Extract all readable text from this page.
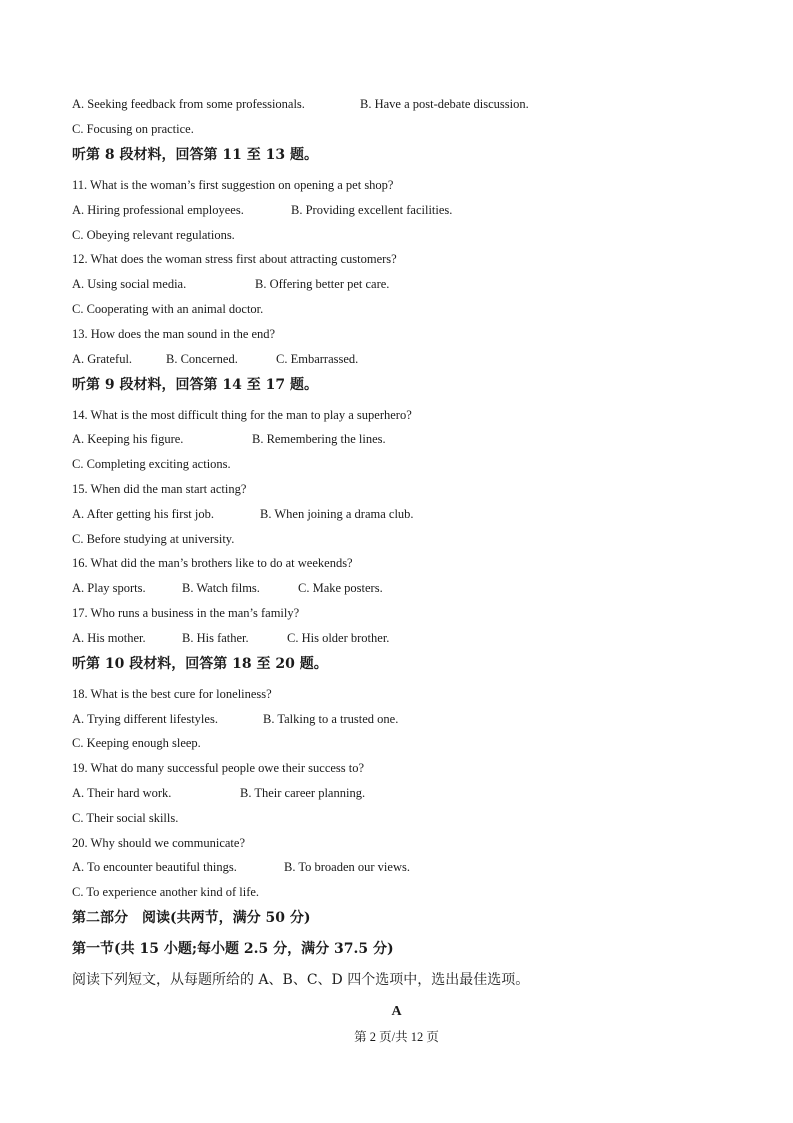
A. Seeking feedback from some professionals.	B. Have a post-debate discussion.
C. Focusing on practice.
听第 8 段材料，回答第 11 至 13 题。
11. What is the woman’s first suggestion on opening a pet shop?
A. Hiring professional employees.	B. Providing excellent facilities.
C. Obeying relevant regulations.
12. What does the woman stress first about attracting customers?
A. Using social media.	B. Offering better pet care.
C. Cooperating with an animal doctor.
13. How does the man sound in the end?
A. Grateful.	B. Concerned.	C. Embarrassed.
听第 9 段材料，回答第 14 至 17 题。
14. What is the most difficult thing for the man to play a superhero?
A. Keeping his figure.	B. Remembering the lines.
C. Completing exciting actions.
15. When did the man start acting?
A. After getting his first job.	B. When joining a drama club.
C. Before studying at university.
16. What did the man’s brothers like to do at weekends?
A. Play sports.	B. Watch films.	C. Make posters.
17. Who runs a business in the man’s family?
A. His mother.	B. His father.	C. His older brother.
听第 10 段材料，回答第 18 至 20 题。
18. What is the best cure for loneliness?
A. Trying different lifestyles.	B. Talking to a trusted one.
C. Keeping enough sleep.
19. What do many successful people owe their success to?
A. Their hard work.	B. Their career planning.
C. Their social skills.
20. Why should we communicate?
A. To encounter beautiful things.	B. To broaden our views.
C. To experience another kind of life.
第二部分　阅读(共两节，满分 50 分)
第一节(共 15 小题;每小题 2.5 分，满分 37.5 分)
阅读下列短文，从每题所给的 A、B、C、D 四个选项中，选出最佳选项。
A
第 2 页/共 12 页
